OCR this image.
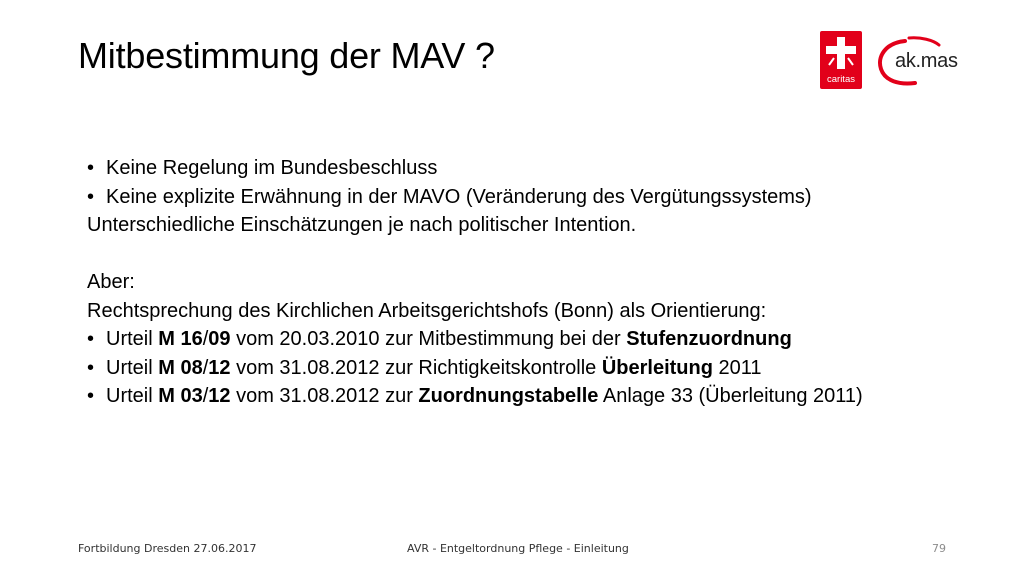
Mitbestimmung der MAV ?
caritas
ak.mas
• Keine Regelung im Bundesbeschluss
• Keine explizite Erwähnung in der MAVO (Veränderung des Vergütungssystems)
Unterschiedliche Einschätzungen je nach politischer Intention.
Aber:
Rechtsprechung des Kirchlichen Arbeitsgerichtshofs (Bonn) als Orientierung:
• Urteil M 16/09 vom 20.03.2010 zur Mitbestimmung bei der Stufenzuordnung
• Urteil M 08/12 vom 31.08.2012 zur Richtigkeitskontrolle Überleitung 2011
• Urteil M 03/12 vom 31.08.2012 zur Zuordnungstabelle Anlage 33 (Überleitung 2011)
Fortbildung Dresden 27.06.2017	AVR - Entgeltordnung Pflege - Einleitung	79
